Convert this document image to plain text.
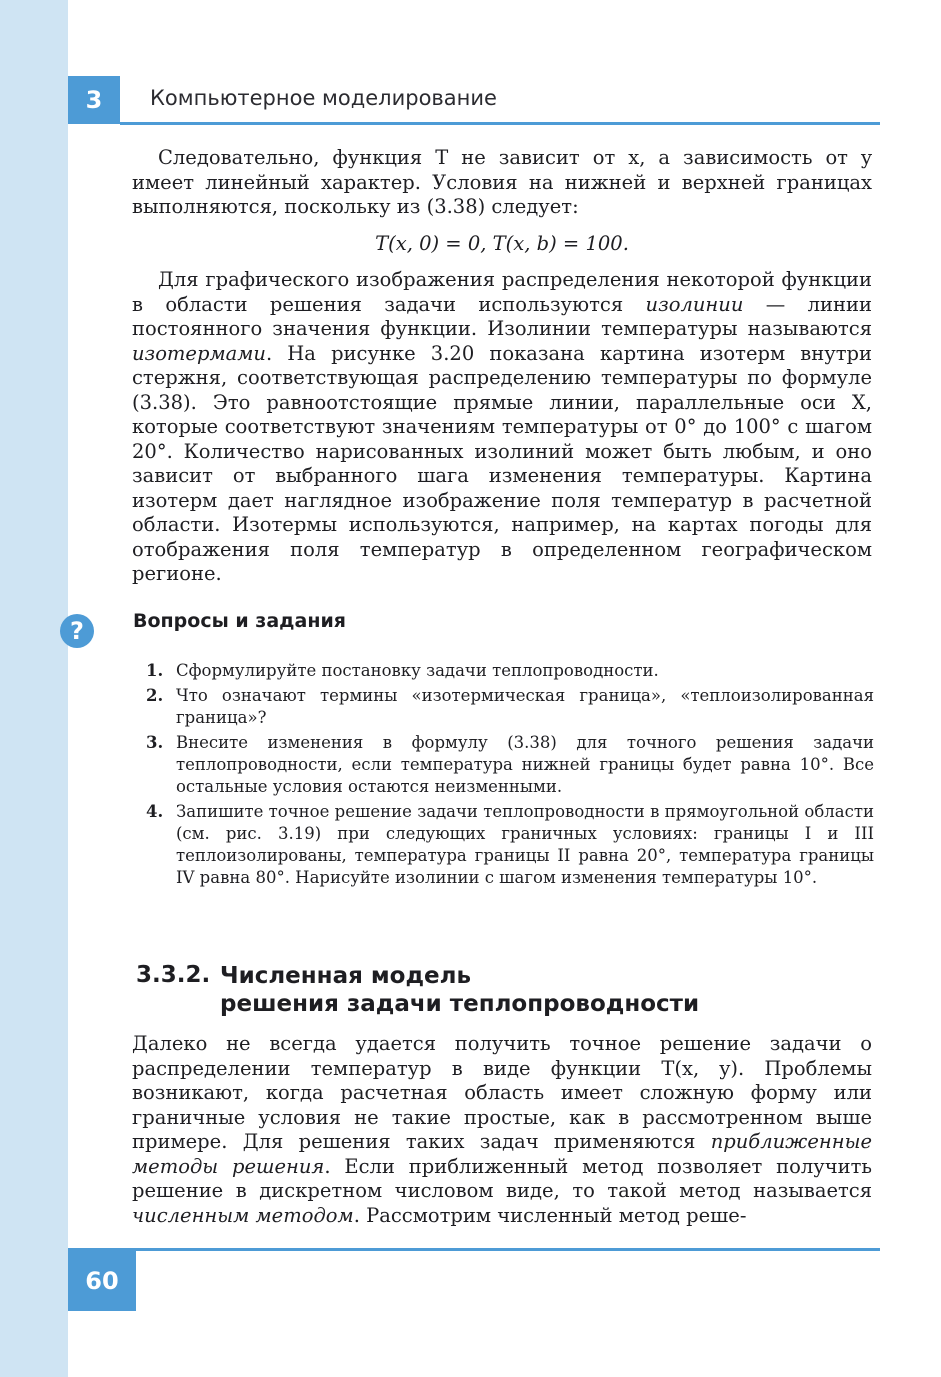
3 Компьютерное моделирование

Следовательно, функция T не зависит от x, а зависимость от y имеет линейный характер. Условия на нижней и верхней границах выполняются, поскольку из (3.38) следует:

T(x, 0) = 0, T(x, b) = 100.

Для графического изображения распределения некоторой функции в области решения задачи используются изолинии — линии постоянного значения функции. Изолинии температуры называются изотермами. На рисунке 3.20 показана картина изотерм внутри стержня, соответствующая распределению температуры по формуле (3.38). Это равноотстоящие прямые линии, параллельные оси X, которые соответствуют значениям температуры от 0° до 100° с шагом 20°. Количество нарисованных изолиний может быть любым, и оно зависит от выбранного шага изменения температуры. Картина изотерм дает наглядное изображение поля температур в расчетной области. Изотермы используются, например, на картах погоды для отображения поля температур в определенном географическом регионе.

?	Вопросы и задания
1. Сформулируйте постановку задачи теплопроводности.
2. Что означают термины «изотермическая граница», «теплоизолированная граница»?
3. Внесите изменения в формулу (3.38) для точного решения задачи теплопроводности, если температура нижней границы будет равна 10°. Все остальные условия остаются неизменными.
4. Запишите точное решение задачи теплопроводности в прямоугольной области (см. рис. 3.19) при следующих граничных условиях: границы I и III теплоизолированы, температура границы II равна 20°, температура границы IV равна 80°. Нарисуйте изолинии с шагом изменения температуры 10°.
3.3.2. Численная модель
решения задачи теплопроводности

Далеко не всегда удается получить точное решение задачи о распределении температур в виде функции T(x, y). Проблемы возникают, когда расчетная область имеет сложную форму или граничные условия не такие простые, как в рассмотренном выше примере. Для решения таких задач применяются приближенные методы решения. Если приближенный метод позволяет получить решение в дискретном числовом виде, то такой метод называется численным методом. Рассмотрим численный метод реше-

60
